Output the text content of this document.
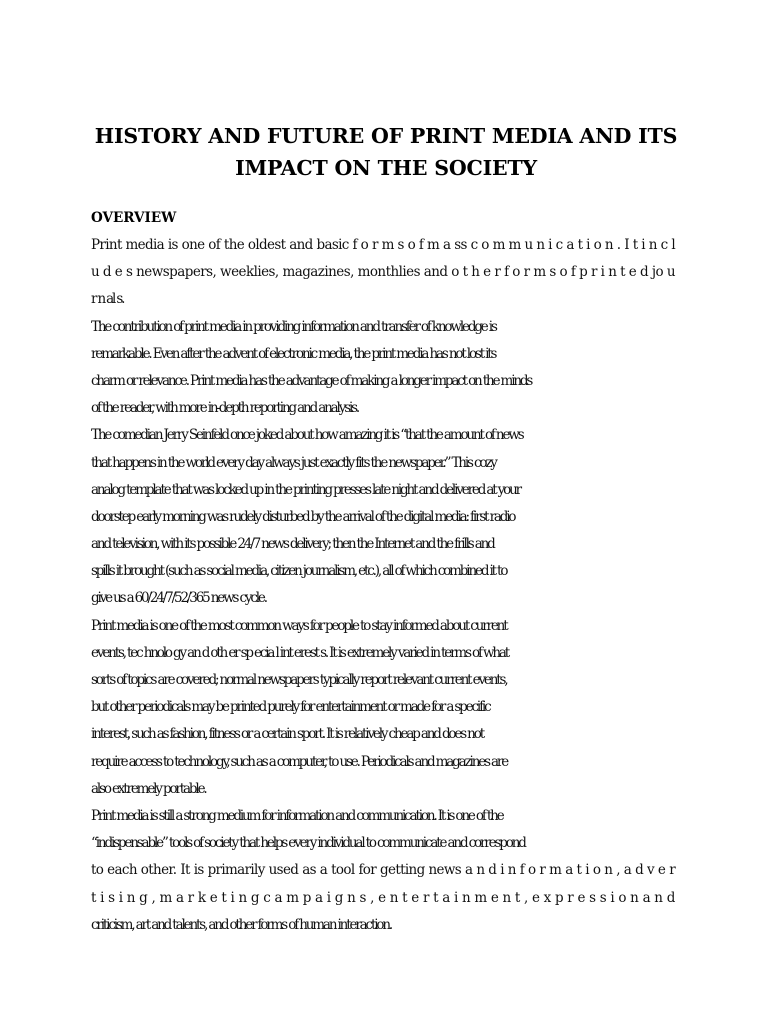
HISTORY AND FUTURE OF PRINT MEDIA AND ITS
IMPACT ON THE SOCIETY
OVERVIEW
Print media is one of the oldest and basic f o r m s o f m a ss c o m m u n i c a t i o n . I t i n c l
u d e s newspapers, weeklies, magazines, monthlies and o t h e r f o r m s o f p r i n t e d jo u
r n al s.
The contribution of print media in providing information and transfer of knowledge is
remarkable. Even after the advent of electronic media, the print media has not lost its
charm or relevance. Print media has the advantage of making a longer impact on the minds
of the reader, with more in-depth reporting and analysis.
The comedian Jerry Seinfeld once joked about how amazing it is “that the amount of news
that happens in the world every day always just exactly fits the newspaper.” This cozy
analog template that was locked up in the printing presses late night and delivered at your
doorstep early morning was rudely disturbed by the arrival of the digital media: first radio
and television, with its possible 24/7 news delivery; then the Internet and the frills and
spills it brought (such as social media, citizen journalism, etc.), all of which combined it to
give us a 60/24/7/52/365 news cycle.
Print media is one of the most common ways for people to stay informed about current
events, tec hnolo gy an d oth er sp ecia l int erest s. It is extremely varied in terms of what
sorts of topics are covered; normal newspapers typically report relevant current events,
but other periodicals may be printed purely for entertainment or made for a specific
interest, such as fashion, fitness or a certain sport. It is relatively cheap and does not
require access to technology, such as a computer, to use. Periodicals and magazines are
also extremely portable.
Print media is still a strong medium for information and communication. It is one of the
“indispensable” tools of society that helps every individual to communicate and correspond
to each other. It is primarily used as a tool for getting news a n d i n f o r m a t i o n , a d v e r
t i s i n g , m a r k e t i n g c a m p a i g n s , e n t e r t a i n m e n t , e x p r e s s i o n a n d
criticism, art and talents, and other forms of human interaction.
